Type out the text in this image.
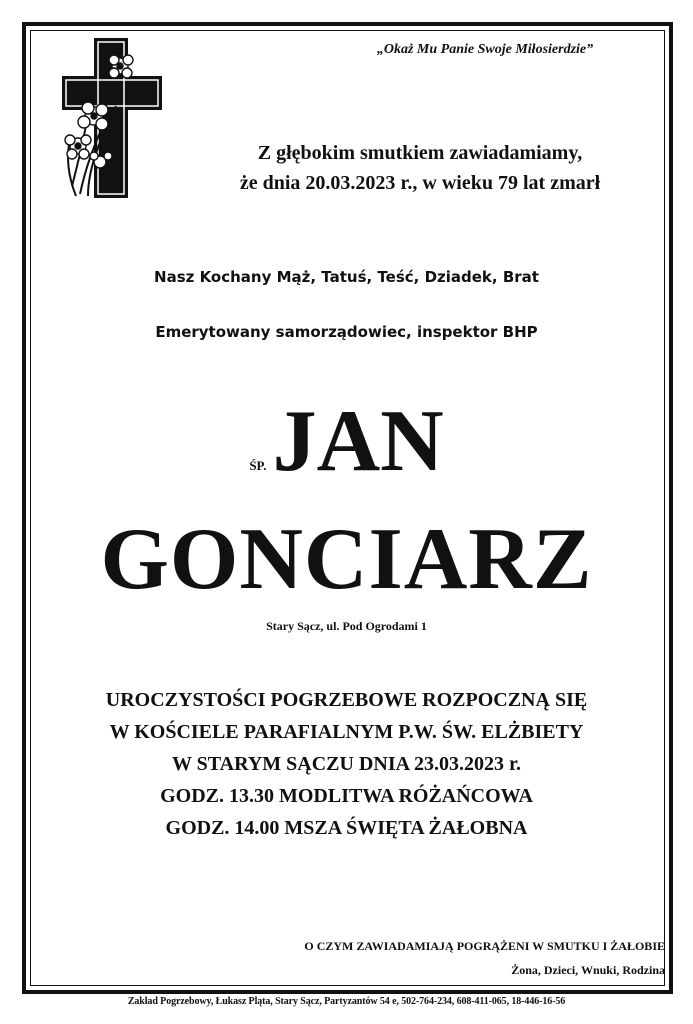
„Okaż Mu Panie Swoje Miłosierdzie”
Z głębokim smutkiem zawiadamiamy,
że dnia 20.03.2023 r., w wieku 79 lat zmarł
Nasz Kochany Mąż, Tatuś, Teść, Dziadek, Brat
Emerytowany samorządowiec, inspektor BHP
ŚP.JAN
GONCIARZ
Stary Sącz, ul. Pod Ogrodami 1
UROCZYSTOŚCI POGRZEBOWE ROZPOCZNĄ SIĘ
W KOŚCIELE PARAFIALNYM P.W. ŚW. ELŻBIETY
W STARYM SĄCZU DNIA 23.03.2023 r.
GODZ. 13.30 MODLITWA RÓŻAŃCOWA
GODZ. 14.00 MSZA ŚWIĘTA ŻAŁOBNA
O CZYM ZAWIADAMIAJĄ POGRĄŻENI W SMUTKU I ŻAŁOBIE
Żona, Dzieci, Wnuki, Rodzina
Zakład Pogrzebowy, Łukasz Pląta, Stary Sącz, Partyzantów 54 e, 502-764-234, 608-411-065, 18-446-16-56
